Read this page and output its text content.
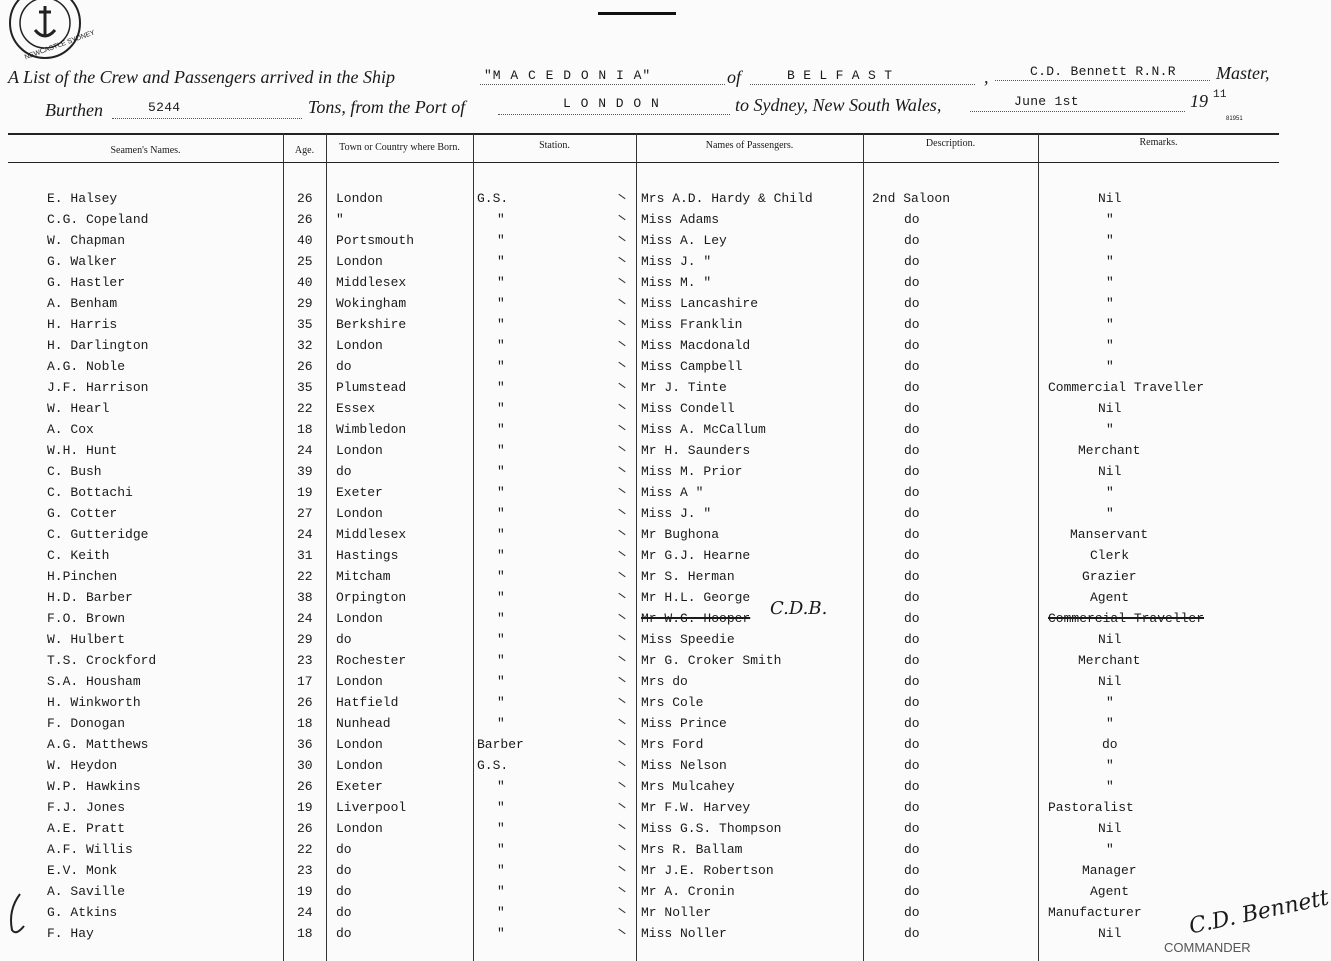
NEWCASTLE SYDNEY
A List of the Crew and Passengers arrived in the Ship	"M A C E D O N I A"	of	B E L F A S T	,	C.D. Bennett R.N.R Master,
Burthen	5244	Tons, from the Port of	L O N D O N	to Sydney, New South Wales,	June 1st	19 11
81951
Seamen's Names.	Age.	Town or Country where Born.	Station.	Names of Passengers.	Description.	Remarks.
E. Halsey	26 London	G.S.	Mrs A.D. Hardy & Child	2nd Saloon	Nil
C.G. Copeland	26 "	"	Miss Adams	do	"
W. Chapman	40 Portsmouth	"	Miss A. Ley	do	"
G. Walker	25 London	"	Miss J. "	do	"
G. Hastler	40 Middlesex	"	Miss M. "	do	"
A. Benham	29 Wokingham	"	Miss Lancashire	do	"
H. Harris	35 Berkshire	"	Miss Franklin	do	"
H. Darlington	32 London	"	Miss Macdonald	do	"
A.G. Noble	26 do	"	Miss Campbell	do	"
J.F. Harrison	35 Plumstead	"	Mr J. Tinte	do	Commercial Traveller
W. Hearl	22 Essex	"	Miss Condell	do	Nil
A. Cox	18 Wimbledon	"	Miss A. McCallum	do	"
W.H. Hunt	24 London	"	Mr H. Saunders	do	Merchant
C. Bush	39 do	"	Miss M. Prior	do	Nil
C. Bottachi	19 Exeter	"	Miss A "	do	"
G. Cotter	27 London	"	Miss J. "	do	"
C. Gutteridge	24 Middlesex	"	Mr Bughona	do	Manservant
C. Keith	31 Hastings	"	Mr G.J. Hearne	do	Clerk
H.Pinchen	22 Mitcham	"	Mr S. Herman	do	Grazier
H.D. Barber	38 Orpington	"	Mr H.L. George	do	Agent
F.O. Brown	24 London	"	Mr W.G. Hooper	do	Commercial Traveller
W. Hulbert	29 do	"	Miss Speedie	do	Nil
T.S. Crockford	23 Rochester	"	Mr G. Croker Smith	do	Merchant
S.A. Housham	17 London	"	Mrs do	do	Nil
H. Winkworth	26 Hatfield	"	Mrs Cole	do	"
F. Donogan	18 Nunhead	"	Miss Prince	do	"
A.G. Matthews	36 London	Barber	Mrs Ford	do	do
W. Heydon	30 London	G.S.	Miss Nelson	do	"
W.P. Hawkins	26 Exeter	"	Mrs Mulcahey	do	"
F.J. Jones	19 Liverpool	"	Mr F.W. Harvey	do	Pastoralist
A.E. Pratt	26 London	"	Miss G.S. Thompson	do	Nil
A.F. Willis	22 do	"	Mrs R. Ballam	do	"
E.V. Monk	23 do	"	Mr J.E. Robertson	do	Manager
A. Saville	19 do	"	Mr A. Cronin	do	Agent
G. Atkins	24 do	"	Mr Noller	do	Manufacturer
F. Hay	18 do	"	Miss Noller	do	Nil
C.D.B.
C.D. Bennett
COMMANDER
